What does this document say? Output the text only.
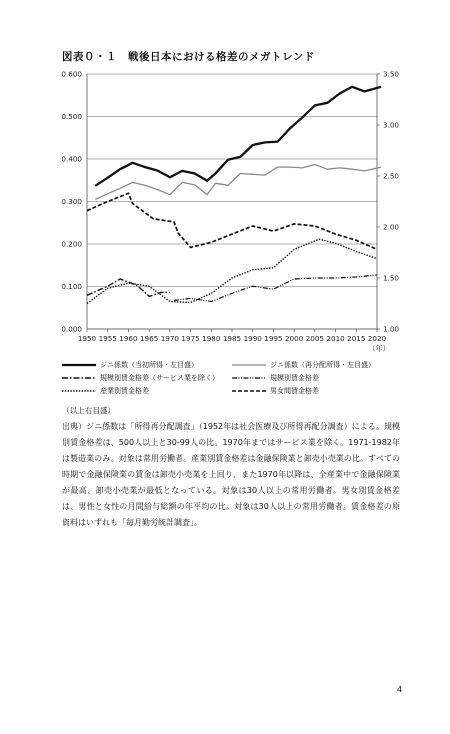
図表０・１　戦後日本における格差のメガトレンド
0.000
0.100
0.200
0.300
0.400
0.500
0.600
1.00
1.50
2.00
2.50
3.00
3.50
1950 1955 1960 1965 1970 1975 1980 1985 1990 1995 2000 2005 2010 2015 2020
（年）
ジニ係数（当初所得・左目盛）	ジニ係数（再分配所得・左目盛）
規模別賃金格差（サービス業を除く）	規模別賃金格差
産業別賃金格差	男女間賃金格差
（以上右目盛）
出典）ジニ係数は「所得再分配調査」（1952年は社会医療及び所得再配分調査）による。規模別賃金格差は、500人以上と30-99人の比。1970年まではサービス業を除く。1971-1982年は製造業のみ。対象は常用労働者。産業別賃金格差は金融保険業と卸売小売業の比。すべての時期で金融保険業の賃金は卸売小売業を上回り、また1970年以降は、全産業中で金融保険業が最高、卸売小売業が最低となっている。対象は30人以上の常用労働者。男女別賃金格差は、男性と女性の月間給与総額の年平均の比。対象は30人以上の常用労働者。賃金格差の原資料はいずれも「毎月勤労統計調査」。
4
